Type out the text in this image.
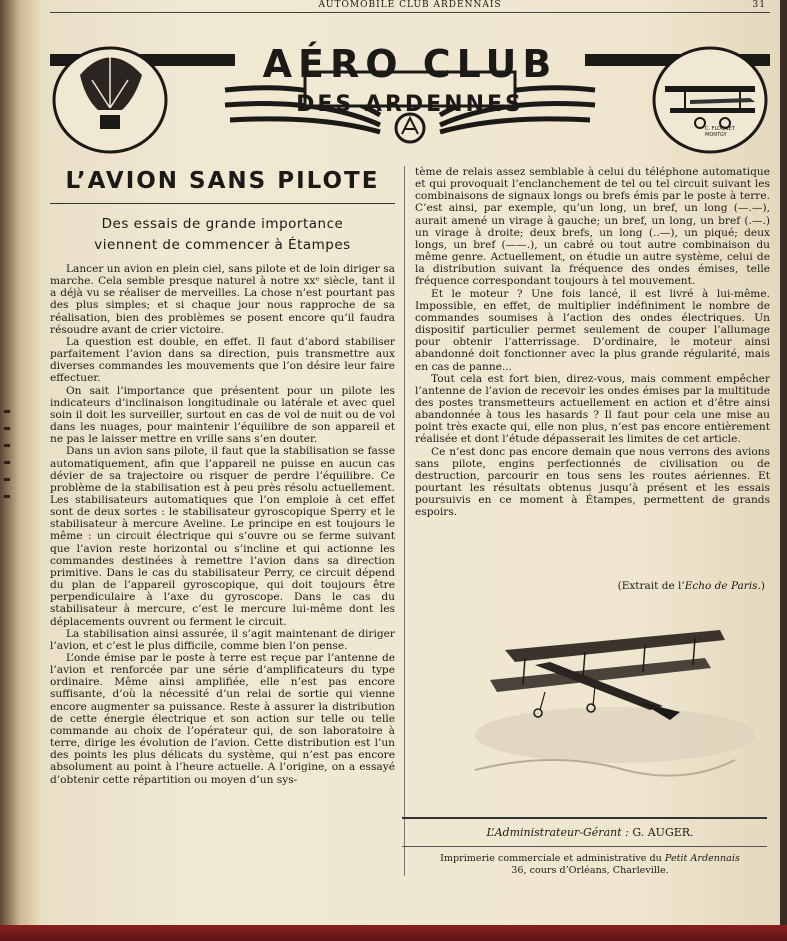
AUTOMOBILE CLUB ARDENNAIS	31
AÉRO CLUB
DES ARDENNES
C. FLOQUET
MONTGY
L’AVION SANS PILOTE
Des essais de grande importance
viennent de commencer à Étampes

Lancer un avion en plein ciel, sans pilote et de loin diriger sa marche. Cela semble presque naturel à notre xxᵉ siècle, tant il a déjà vu se réaliser de merveilles. La chose n’est pourtant pas des plus simples; et si chaque jour nous rapproche de sa réalisation, bien des problèmes se posent encore qu’il faudra résoudre avant de crier victoire.

La question est double, en effet. Il faut d’abord stabiliser parfaitement l’avion dans sa direction, puis transmettre aux diverses commandes les mouvements que l’on désire leur faire effectuer.

On sait l’importance que présentent pour un pilote les indicateurs d’inclinaison longitudinale ou latérale et avec quel soin il doit les surveiller, surtout en cas de vol de nuit ou de vol dans les nuages, pour maintenir l’équilibre de son appareil et ne pas le laisser mettre en vrille sans s’en douter.

Dans un avion sans pilote, il faut que la stabilisation se fasse automatiquement, afin que l’appareil ne puisse en aucun cas dévier de sa trajectoire ou risquer de perdre l’équilibre. Ce problème de la stabilisation est à peu près résolu actuellement. Les stabilisateurs automatiques que l’on emploie à cet effet sont de deux sortes : le stabilisateur gyroscopique Sperry et le stabilisateur à mercure Aveline. Le principe en est toujours le même : un circuit électrique qui s’ouvre ou se ferme suivant que l’avion reste horizontal ou s’incline et qui actionne les commandes destinées à remettre l’avion dans sa direction primitive. Dans le cas du stabilisateur Perry, ce circuit dépend du plan de l’appareil gyroscopique, qui doit toujours être perpendiculaire à l’axe du gyroscope. Dans le cas du stabilisateur à mercure, c’est le mercure lui-même dont les déplacements ouvrent ou ferment le circuit.

La stabilisation ainsi assurée, il s’agit maintenant de diriger l’avion, et c’est le plus difficile, comme bien l’on pense.

L’onde émise par le poste à terre est reçue par l’antenne de l’avion et renforcée par une série d’amplificateurs du type ordinaire. Même ainsi amplifiée, elle n’est pas encore suffisante, d’où la nécessité d’un relai de sortie qui vienne encore augmenter sa puissance. Reste à assurer la distribution de cette énergie électrique et son action sur telle ou telle commande au choix de l’opérateur qui, de son laboratoire à terre, dirige les évolution de l’avion. Cette distribution est l’un des points les plus délicats du système, qui n’est pas encore absolument au point à l’heure actuelle. A l’origine, on a essayé d’obtenir cette répartition ou moyen d’un sys-

tème de relais assez semblable à celui du téléphone automatique et qui provoquait l’enclanchement de tel ou tel circuit suivant les combinaisons de signaux longs ou brefs émis par le poste à terre. C’est ainsi, par exemple, qu’un long, un bref, un long (—.—), aurait amené un virage à gauche; un bref, un long, un bref (.—.) un virage à droite; deux brefs, un long (..—), un piqué; deux longs, un bref (——.), un cabré ou tout autre combinaison du même genre. Actuellement, on étudie un autre système, celui de la distribution suivant la fréquence des ondes émises, telle fréquence correspondant toujours à tel mouvement.

Et le moteur ? Une fois lancé, il est livré à lui-même. Impossible, en effet, de multiplier indéfiniment le nombre de commandes soumises à l’action des ondes électriques. Un dispositif particulier permet seulement de couper l’allumage pour obtenir l’atterrissage. D’ordinaire, le moteur ainsi abandonné doit fonctionner avec la plus grande régularité, mais en cas de panne...

Tout cela est fort bien, direz-vous, mais comment empêcher l’antenne de l’avion de recevoir les ondes émises par la multitude des postes transmetteurs actuellement en action et d’être ainsi abandonnée à tous les hasards ? Il faut pour cela une mise au point très exacte qui, elle non plus, n’est pas encore entièrement réalisée et dont l’étude dépasserait les limites de cet article.

Ce n’est donc pas encore demain que nous verrons des avions sans pilote, engins perfectionnés de civilisation ou de destruction, parcourir en tous sens les routes aériennes. Et pourtant les résultats obtenus jusqu’à présent et les essais poursuivis en ce moment à Étampes, permettent de grands espoirs.

(Extrait de l’Echo de Paris.)
L’Administrateur-Gérant : G. AUGER.
Imprimerie commerciale et administrative du Petit Ardennais
36, cours d’Orléans, Charleville.
